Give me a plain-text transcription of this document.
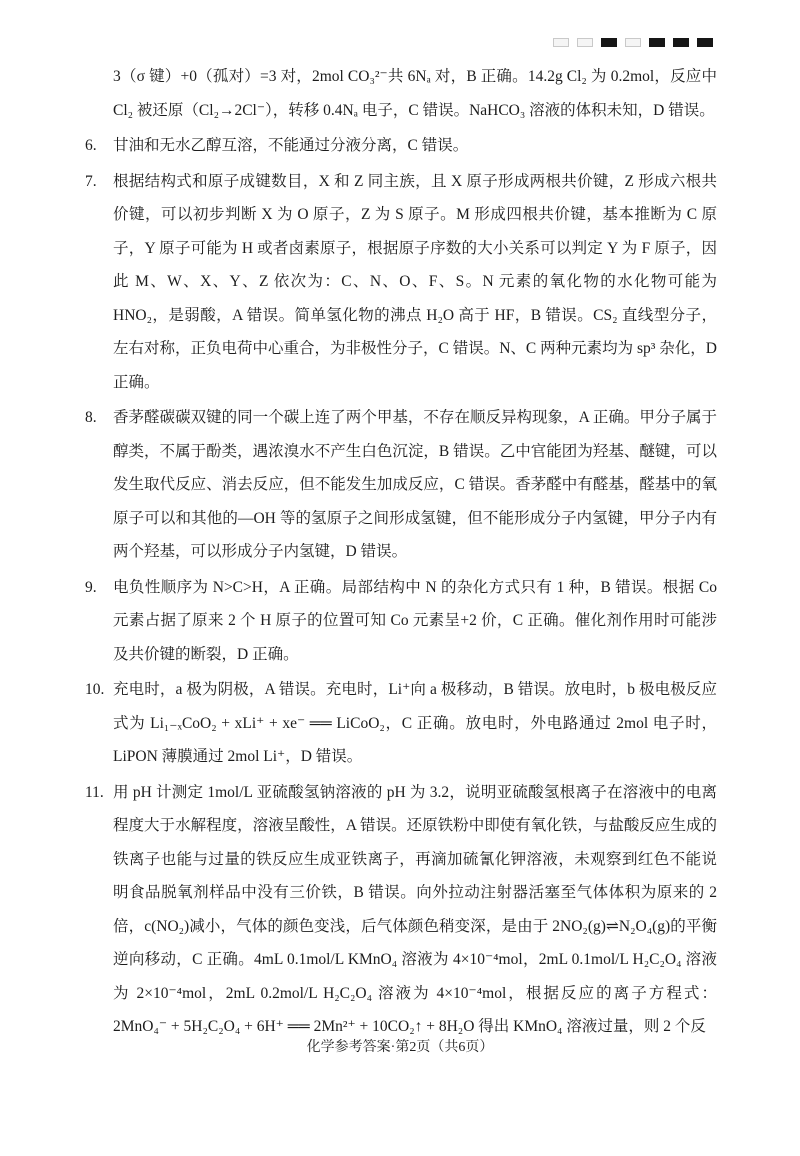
3（σ 键）+0（孤对）=3 对，2mol CO₃²⁻共 6Nₐ 对，B 正确。14.2g Cl₂ 为 0.2mol，反应中 Cl₂ 被还原（Cl₂→2Cl⁻），转移 0.4Nₐ 电子，C 错误。NaHCO₃ 溶液的体积未知，D 错误。
6.	甘油和无水乙醇互溶，不能通过分液分离，C 错误。
7.	根据结构式和原子成键数目，X 和 Z 同主族，且 X 原子形成两根共价键，Z 形成六根共价键，可以初步判断 X 为 O 原子，Z 为 S 原子。M 形成四根共价键，基本推断为 C 原子，Y 原子可能为 H 或者卤素原子，根据原子序数的大小关系可以判定 Y 为 F 原子，因此 M、W、X、Y、Z 依次为：C、N、O、F、S。N 元素的氧化物的水化物可能为 HNO₂，是弱酸，A 错误。简单氢化物的沸点 H₂O 高于 HF，B 错误。CS₂ 直线型分子，左右对称，正负电荷中心重合，为非极性分子，C 错误。N、C 两种元素均为 sp³ 杂化，D 正确。
8.	香茅醛碳碳双键的同一个碳上连了两个甲基，不存在顺反异构现象，A 正确。甲分子属于醇类，不属于酚类，遇浓溴水不产生白色沉淀，B 错误。乙中官能团为羟基、醚键，可以发生取代反应、消去反应，但不能发生加成反应，C 错误。香茅醛中有醛基，醛基中的氧原子可以和其他的—OH 等的氢原子之间形成氢键，但不能形成分子内氢键，甲分子内有两个羟基，可以形成分子内氢键，D 错误。
9.	电负性顺序为 N>C>H，A 正确。局部结构中 N 的杂化方式只有 1 种，B 错误。根据 Co 元素占据了原来 2 个 H 原子的位置可知 Co 元素呈+2 价，C 正确。催化剂作用时可能涉及共价键的断裂，D 正确。
10. 充电时，a 极为阴极，A 错误。充电时，Li⁺向 a 极移动，B 错误。放电时，b 极电极反应式为 Li₁₋ₓCoO₂ + xLi⁺ + xe⁻ ══ LiCoO₂，C 正确。放电时，外电路通过 2mol 电子时，LiPON 薄膜通过 2mol Li⁺，D 错误。
11. 用 pH 计测定 1mol/L 亚硫酸氢钠溶液的 pH 为 3.2，说明亚硫酸氢根离子在溶液中的电离程度大于水解程度，溶液呈酸性，A 错误。还原铁粉中即使有氧化铁，与盐酸反应生成的铁离子也能与过量的铁反应生成亚铁离子，再滴加硫氰化钾溶液，未观察到红色不能说明食品脱氧剂样品中没有三价铁，B 错误。向外拉动注射器活塞至气体体积为原来的 2 倍，c(NO₂)减小，气体的颜色变浅，后气体颜色稍变深，是由于 2NO₂(g)⇌N₂O₄(g)的平衡逆向移动，C 正确。4mL 0.1mol/L KMnO₄ 溶液为 4×10⁻⁴mol，2mL 0.1mol/L H₂C₂O₄ 溶液为 2×10⁻⁴mol，2mL 0.2mol/L H₂C₂O₄ 溶液为 4×10⁻⁴mol，根据反应的离子方程式：2MnO₄⁻ + 5H₂C₂O₄ + 6H⁺ ══ 2Mn²⁺ + 10CO₂↑ + 8H₂O 得出 KMnO₄ 溶液过量，则 2 个反
化学参考答案·第2页（共6页）
